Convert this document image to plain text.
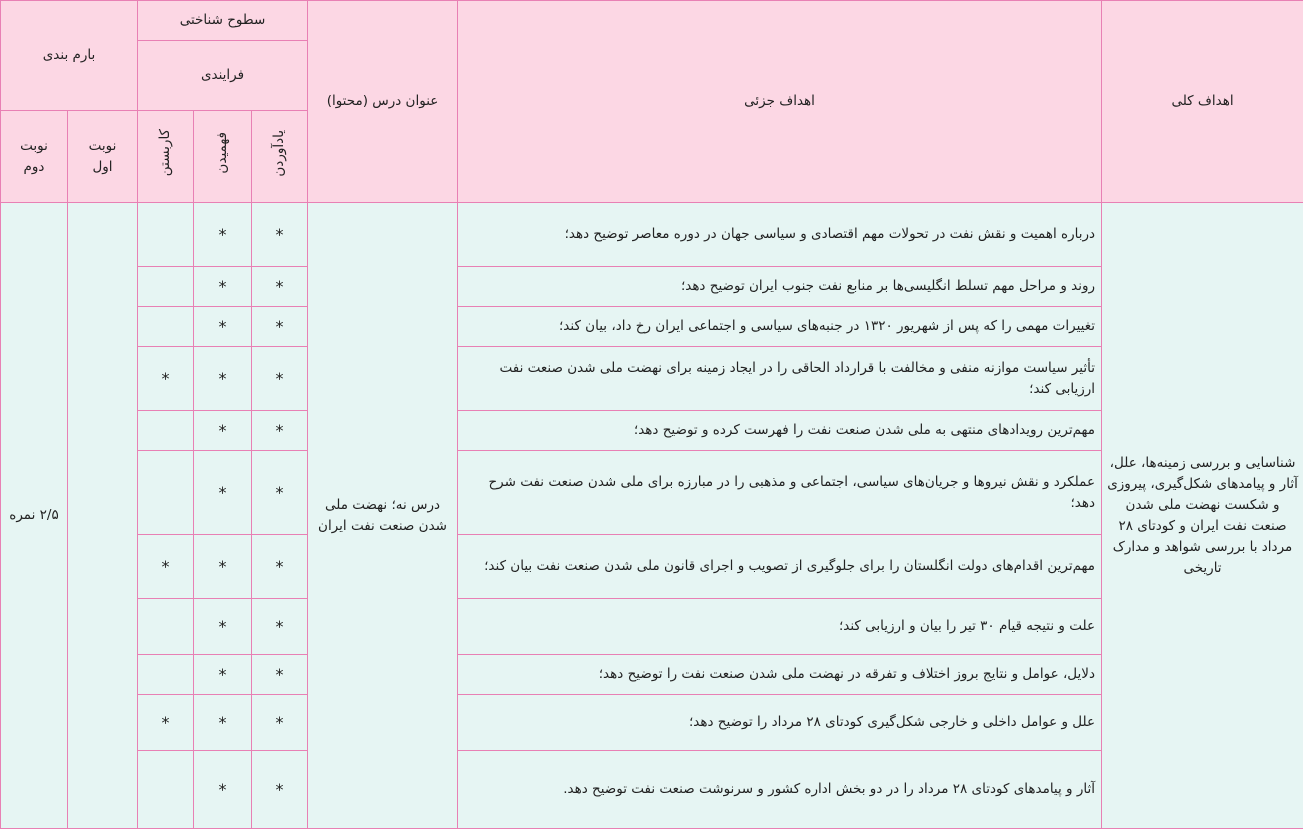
اهداف کلی	اهداف جزئی	عنوان درس (محتوا)	سطوح شناختی			بارم بندی	
			فرایندی				
			یادآوردن	فهمیدن	کاربستن	نوبت اول	نوبت دوم
شناسایی و بررسی زمینه‌ها، علل، آثار و پیامدهای شکل‌گیری، پیروزی و شکست نهضت ملی شدن صنعت نفت ایران و کودتای ۲۸ مرداد با بررسی شواهد و مدارک تاریخی	درباره اهمیت و نقش نفت در تحولات مهم اقتصادی و سیاسی جهان در دوره معاصر توضیح دهد؛	درس نه؛ نهضت ملی شدن صنعت نفت ایران	*	*			۲/۵ نمره
	روند و مراحل مهم تسلط انگلیسی‌ها بر منابع نفت جنوب ایران توضیح دهد؛		*	*			
	تغییرات مهمی را که پس از شهریور ۱۳۲۰ در جنبه‌های سیاسی و اجتماعی ایران رخ داد، بیان کند؛		*	*			
	تأثیر سیاست موازنه منفی و مخالفت با قرارداد الحاقی را در ایجاد زمینه برای نهضت ملی شدن صنعت نفت ارزیابی کند؛		*	*	*		
	مهم‌ترین رویدادهای منتهی به ملی شدن صنعت نفت را فهرست کرده و توضیح دهد؛		*	*			
	عملکرد و نقش نیروها و جریان‌های سیاسی، اجتماعی و مذهبی را در مبارزه برای ملی شدن صنعت نفت شرح دهد؛		*	*			
	مهم‌ترین اقدام‌های دولت انگلستان را برای جلوگیری از تصویب و اجرای قانون ملی شدن صنعت نفت بیان کند؛		*	*	*		
	علت و نتیجه قیام ۳۰ تیر را بیان و ارزیابی کند؛		*	*			
	دلایل، عوامل و نتایج بروز اختلاف و تفرقه در نهضت ملی شدن صنعت نفت را توضیح دهد؛		*	*			
	علل و عوامل داخلی و خارجی شکل‌گیری کودتای ۲۸ مرداد را توضیح دهد؛		*	*	*		
	آثار و پیامدهای کودتای ۲۸ مرداد را در دو بخش اداره کشور و سرنوشت صنعت نفت توضیح دهد.		*	*			
